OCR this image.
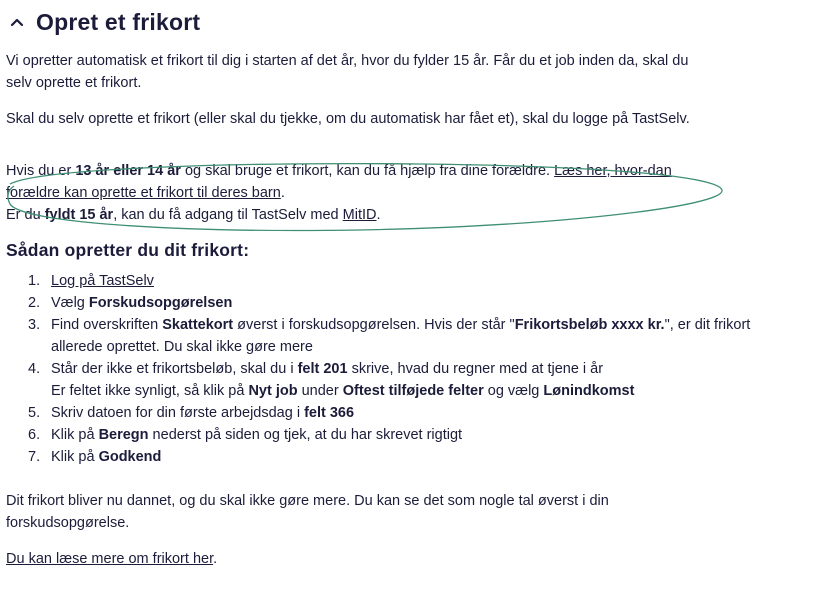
Opret et frikort

Vi opretter automatisk et frikort til dig i starten af det år, hvor du fylder 15 år. Får du et job inden da, skal du selv oprette et frikort.

Skal du selv oprette et frikort (eller skal du tjekke, om du automatisk har fået et), skal du logge på TastSelv.

Hvis du er 13 år eller 14 år og skal bruge et frikort, kan du få hjælp fra dine forældre. Læs her, hvor-dan forældre kan oprette et frikort til deres barn.
Er du fyldt 15 år, kan du få adgang til TastSelv med MitID.

Sådan opretter du dit frikort:
1. Log på TastSelv
2. Vælg Forskudsopgørelsen
3. Find overskriften Skattekort øverst i forskudsopgørelsen. Hvis der står "Frikortsbeløb xxxx kr.", er dit frikort allerede oprettet. Du skal ikke gøre mere
4. Står der ikke et frikortsbeløb, skal du i felt 201 skrive, hvad du regner med at tjene i år
Er feltet ikke synligt, så klik på Nyt job under Oftest tilføjede felter og vælg Lønindkomst
5. Skriv datoen for din første arbejdsdag i felt 366
6. Klik på Beregn nederst på siden og tjek, at du har skrevet rigtigt
7. Klik på Godkend

Dit frikort bliver nu dannet, og du skal ikke gøre mere. Du kan se det som nogle tal øverst i din forskudsopgørelse.

Du kan læse mere om frikort her.
